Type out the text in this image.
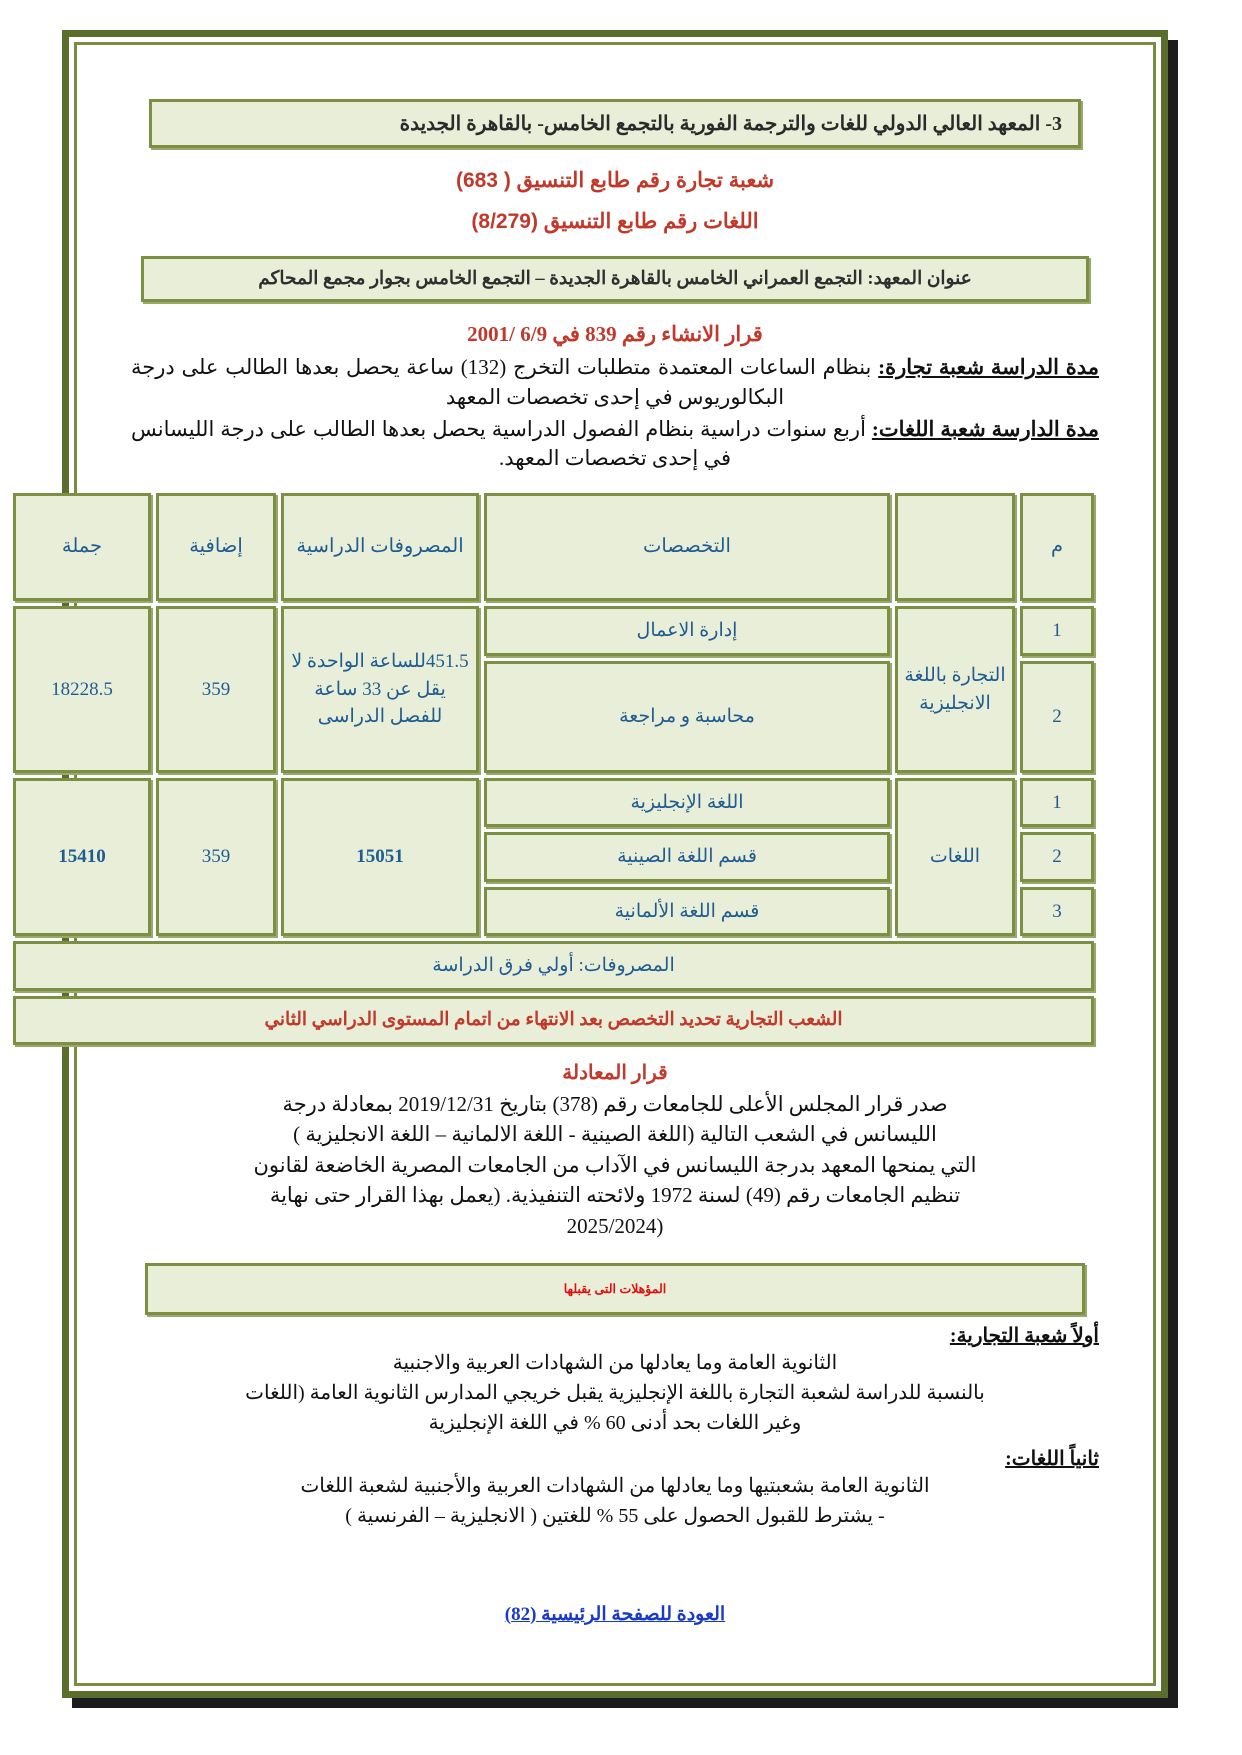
3- المعهد العالي الدولي للغات والترجمة الفورية بالتجمع الخامس- بالقاهرة الجديدة
شعبة تجارة رقم طابع التنسيق ( 683)
اللغات رقم طابع التنسيق (8/279)
عنوان المعهد: التجمع العمراني الخامس بالقاهرة الجديدة – التجمع الخامس بجوار مجمع المحاكم
قرار الانشاء رقم 839 في 6/9 /2001
مدة الدراسة شعبة تجارة: بنظام الساعات المعتمدة متطلبات التخرج (132) ساعة يحصل بعدها الطالب على درجة البكالوريوس في إحدى تخصصات المعهد
مدة الدارسة شعبة اللغات: أربع سنوات دراسية بنظام الفصول الدراسية يحصل بعدها الطالب على درجة الليسانس في إحدى تخصصات المعهد.
م		التخصصات	المصروفات الدراسية	إضافية	جملة
1	التجارة باللغة الانجليزية	إدارة الاعمال	451.5للساعة الواحدة لا يقل عن 33 ساعة للفصل الدراسى	359	18228.5
2		محاسبة و مراجعة			
1	اللغات	اللغة الإنجليزية	15051	359	15410
2		قسم اللغة الصينية			
3		قسم اللغة الألمانية			
المصروفات: أولي فرق الدراسة					
الشعب التجارية تحديد التخصص بعد الانتهاء من اتمام المستوى الدراسي الثاني					
قرار المعادلة
صدر قرار المجلس الأعلى للجامعات رقم (378) بتاريخ 2019/12/31 بمعادلة درجة
الليسانس في الشعب التالية (اللغة الصينية - اللغة الالمانية – اللغة الانجليزية )
التي يمنحها المعهد بدرجة الليسانس في الآداب من الجامعات المصرية الخاضعة لقانون
تنظيم الجامعات رقم (49) لسنة 1972 ولائحته التنفيذية. (يعمل بهذا القرار حتى نهاية
(2025/2024
المؤهلات التى يقبلها
أولاً شعبة التجارية:
الثانوية العامة وما يعادلها من الشهادات العربية والاجنبية
بالنسبة للدراسة لشعبة التجارة باللغة الإنجليزية يقبل خريجي المدارس الثانوية العامة (اللغات
وغير اللغات بحد أدنى 60 % في اللغة الإنجليزية
ثانياً اللغات:
الثانوية العامة بشعبتيها وما يعادلها من الشهادات العربية والأجنبية لشعبة اللغات
- يشترط للقبول الحصول على 55 % للغتين ( الانجليزية – الفرنسية )
العودة للصفحة الرئيسية (82)
